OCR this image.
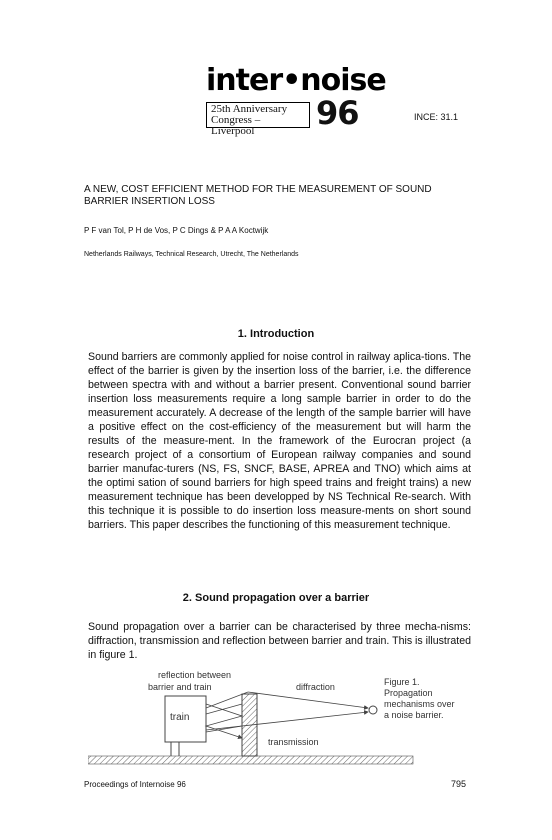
inter•noise
25th Anniversary
Congress – Liverpool	96	INCE: 31.1
A NEW, COST EFFICIENT METHOD FOR THE MEASUREMENT OF SOUND
BARRIER INSERTION LOSS
P F van Tol, P H de Vos, P C Dings & P A A Koctwijk
Netherlands Railways, Technical Research, Utrecht, The Netherlands
1. Introduction
Sound barriers are commonly applied for noise control in railway aplica-tions. The effect of the barrier is given by the insertion loss of the barrier, i.e. the difference between spectra with and without a barrier present. Conventional sound barrier insertion loss measurements require a long sample barrier in order to do the measurement accurately. A decrease of the length of the sample barrier will have a positive effect on the cost-efficiency of the measurement but will harm the results of the measure-ment. In the framework of the Eurocran project (a research project of a consortium of European railway companies and sound barrier manufac-turers (NS, FS, SNCF, BASE, APREA and TNO) which aims at the optimi sation of sound barriers for high speed trains and freight trains) a new measurement technique has been developped by NS Technical Re-search. With this technique it is possible to do insertion loss measure-ments on short sound barriers. This paper describes the functioning of this measurement technique.
2. Sound propagation over a barrier
Sound propagation over a barrier can be characterised by three mecha-nisms: diffraction, transmission and reflection between barrier and train. This is illustrated in figure 1.
reflection between
barrier and train
train
diffraction
transmission
Figure 1.
Propagation
mechanisms over
a noise barrier.
Proceedings of Internoise 96	795
